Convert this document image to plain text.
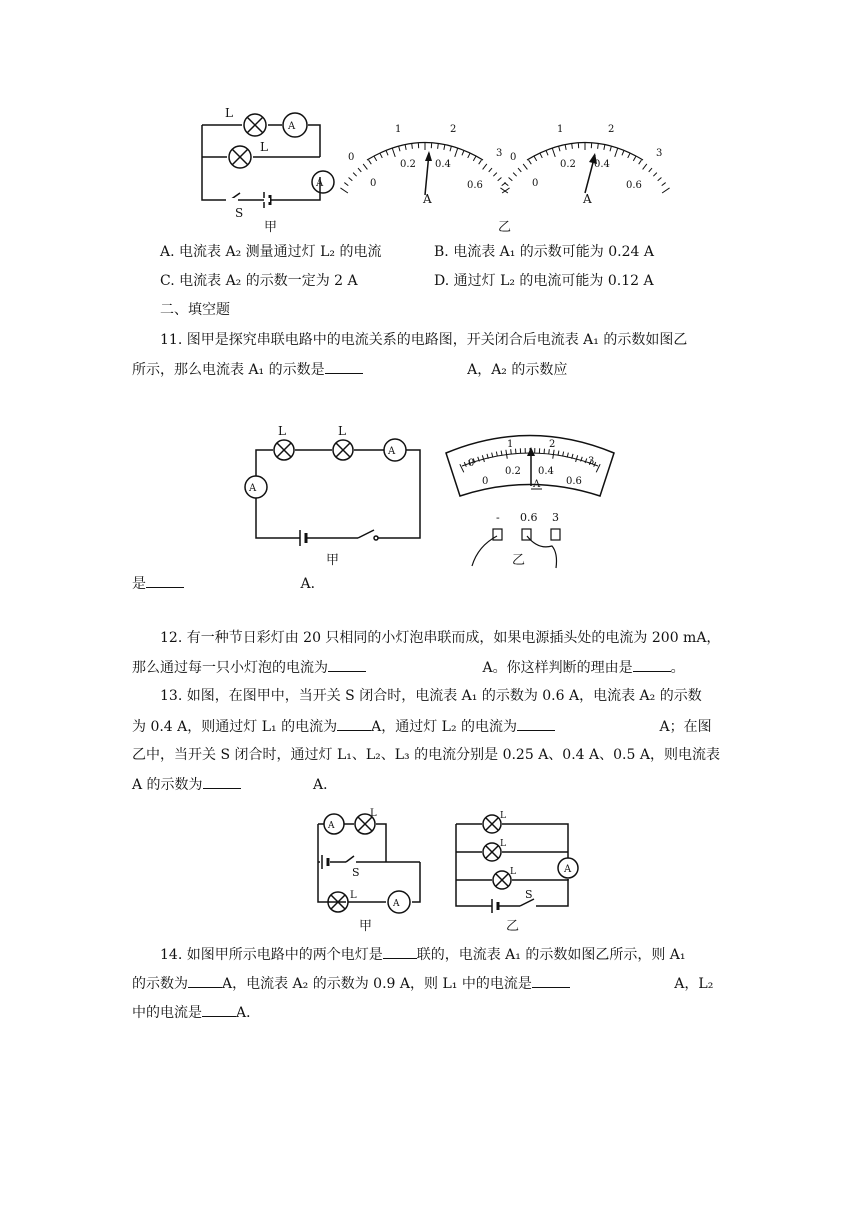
L
A
L
A
S
甲
0
1	2
3
0
0.2 0.4
0.6
A
0
1	2
3
0
0.2 0.4
0.6
A
乙
A. 电流表 A₂ 测量通过灯 L₂ 的电流	B. 电流表 A₁ 的示数可能为 0.24 A
C. 电流表 A₂ 的示数一定为 2 A	D. 通过灯 L₂ 的电流可能为 0.12 A
二、填空题
11. 图甲是探究串联电路中的电流关系的电路图，开关闭合后电流表 A₁ 的示数如图乙
所示，那么电流表 A₁ 的示数是	A，A₂ 的示数应
L	L
A
A
甲
0
1	2
3
0
0.2 0.4
0.6
A
- 0.6 3
乙
是	A．
12. 有一种节日彩灯由 20 只相同的小灯泡串联而成，如果电源插头处的电流为 200 mA，
那么通过每一只小灯泡的电流为	A。你这样判断的理由是	。
13. 如图，在图甲中，当开关 S 闭合时，电流表 A₁ 的示数为 0.6 A，电流表 A₂ 的示数
为 0.4 A，则通过灯 L₁ 的电流为 A，通过灯 L₂ 的电流为	A；在图
乙中，当开关 S 闭合时，通过灯 L₁、L₂、L₃ 的电流分别是 0.25 A、0.4 A、0.5 A，则电流表
A 的示数为	A．
A
L
S
L
A
甲
L
L
L	A
S
乙
14. 如图甲所示电路中的两个电灯是 联的，电流表 A₁ 的示数如图乙所示，则 A₁
的示数为 A，电流表 A₂ 的示数为 0.9 A，则 L₁ 中的电流是	A，L₂
中的电流是 A．
